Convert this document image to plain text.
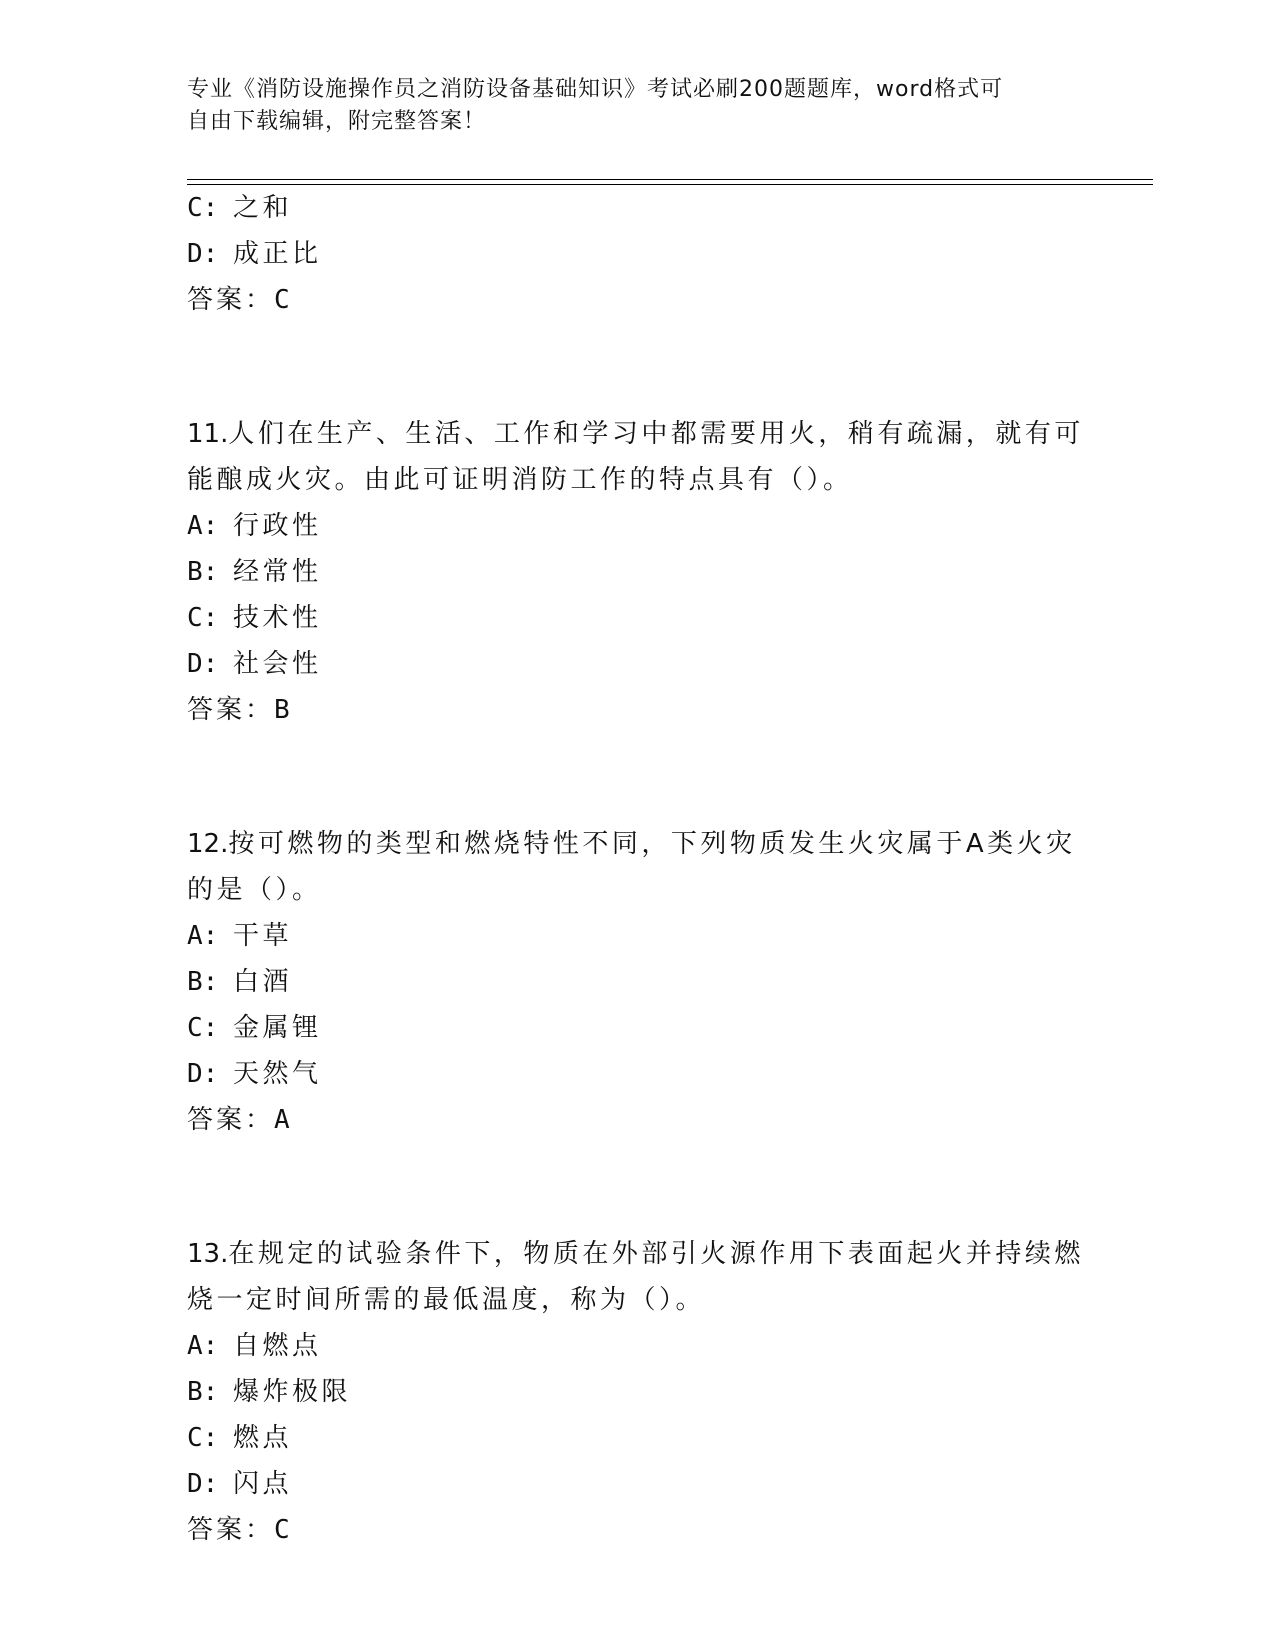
专业《消防设施操作员之消防设备基础知识》考试必刷200题题库，word格式可
自由下载编辑，附完整答案！
C: 之和
D: 成正比
答案：C
11.人们在生产、生活、工作和学习中都需要用火，稍有疏漏，就有可
能酿成火灾。由此可证明消防工作的特点具有（）。
A: 行政性
B: 经常性
C: 技术性
D: 社会性
答案：B
12.按可燃物的类型和燃烧特性不同，下列物质发生火灾属于A类火灾
的是（）。
A: 干草
B: 白酒
C: 金属锂
D: 天然气
答案：A
13.在规定的试验条件下，物质在外部引火源作用下表面起火并持续燃
烧一定时间所需的最低温度，称为（）。
A: 自燃点
B: 爆炸极限
C: 燃点
D: 闪点
答案：C
